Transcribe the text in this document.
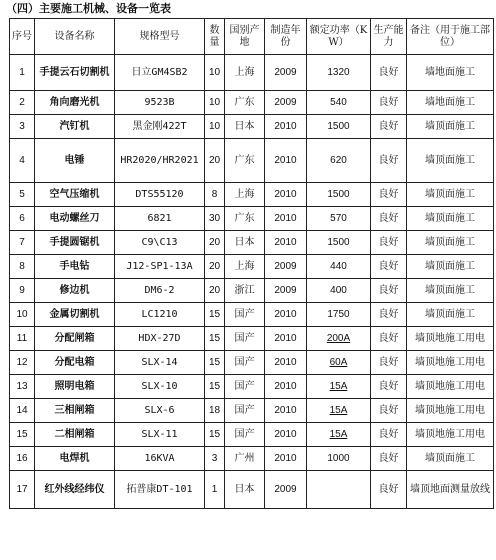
（四）主要施工机械、设备一览表
序号	设备名称	规格型号	数量	国别产地	制造年份	额定功率（KW）	生产能力	备注（用于施工部位）
1	手提云石切割机	日立GM4SB2	10	上海	2009	1320	良好	墙地面施工
2	角向磨光机	9523B	10	广东	2009	540	良好	墙地面施工
3	汽钉机	黑金刚422T	10	日本	2010	1500	良好	墙顶面施工
4	电锤	HR2020/HR2021	20	广东	2010	620	良好	墙顶面施工
5	空气压缩机	DTS55120	8	上海	2010	1500	良好	墙顶面施工
6	电动螺丝刀	6821	30	广东	2010	570	良好	墙顶面施工
7	手提圆锯机	C9\C13	20	日本	2010	1500	良好	墙顶面施工
8	手电钻	J12-SP1-13A	20	上海	2009	440	良好	墙顶面施工
9	修边机	DM6-2	20	浙江	2009	400	良好	墙顶面施工
10	金属切割机	LC1210	15	国产	2010	1750	良好	墙顶面施工
11	分配闸箱	HDX-27D	15	国产	2010	200A	良好	墙顶地施工用电
12	分配电箱	SLX-14	15	国产	2010	60A	良好	墙顶地施工用电
13	照明电箱	SLX-10	15	国产	2010	15A	良好	墙顶地施工用电
14	三相闸箱	SLX-6	18	国产	2010	15A	良好	墙顶地施工用电
15	二相闸箱	SLX-11	15	国产	2010	15A	良好	墙顶地施工用电
16	电焊机	16KVA	3	广州	2010	1000	良好	墙顶面施工
17	红外线经纬仪	拓普康DT-101	1	日本	2009		良好	墙顶地面测量放线
